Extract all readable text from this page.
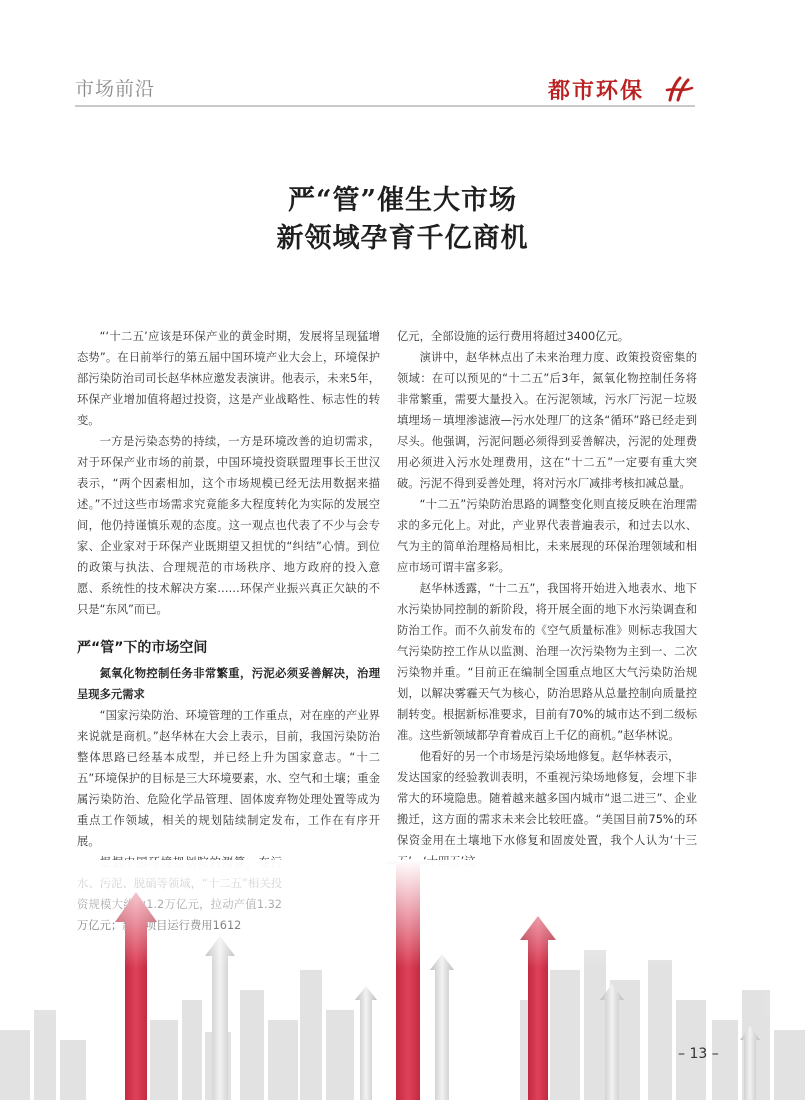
市场前沿	都市环保
严“管”催生大市场
新领域孕育千亿商机

“‘十二五’应该是环保产业的黄金时期，发展将呈现猛增态势”。在日前举行的第五届中国环境产业大会上，环境保护部污染防治司司长赵华林应邀发表演讲。他表示，未来5年，环保产业增加值将超过投资，这是产业战略性、标志性的转变。

一方是污染态势的持续，一方是环境改善的迫切需求，对于环保产业市场的前景，中国环境投资联盟理事长王世汉表示，“两个因素相加，这个市场规模已经无法用数据来描述。”不过这些市场需求究竟能多大程度转化为实际的发展空间，他仍持谨慎乐观的态度。这一观点也代表了不少与会专家、企业家对于环保产业既期望又担忧的“纠结”心情。到位的政策与执法、合理规范的市场秩序、地方政府的投入意愿、系统性的技术解决方案……环保产业振兴真正欠缺的不只是“东风”而已。

严“管”下的市场空间

氮氧化物控制任务非常繁重，污泥必须妥善解决，治理呈现多元需求

“国家污染防治、环境管理的工作重点，对在座的产业界来说就是商机。”赵华林在大会上表示，目前，我国污染防治整体思路已经基本成型，并已经上升为国家意志。“十二五”环境保护的目标是三大环境要素，水、空气和土壤；重金属污染防治、危险化学品管理、固体废弃物处理处置等成为重点工作领域，相关的规划陆续制定发布，工作在有序开展。

亿元，全部设施的运行费用将超过3400亿元。

演讲中，赵华林点出了未来治理力度、政策投资密集的领域：在可以预见的“十二五”后3年，氮氧化物控制任务将非常繁重，需要大量投入。在污泥领域，污水厂污泥－垃圾填埋场－填埋渗滤液—污水处理厂的这条“循环”路已经走到尽头。他强调，污泥问题必须得到妥善解决，污泥的处理费用必须进入污水处理费用，这在“十二五”一定要有重大突破。污泥不得到妥善处理，将对污水厂减排考核扣减总量。

“十二五”污染防治思路的调整变化则直接反映在治理需求的多元化上。对此，产业界代表普遍表示，和过去以水、气为主的简单治理格局相比，未来展现的环保治理领域和相应市场可谓丰富多彩。

赵华林透露，“十二五”，我国将开始进入地表水、地下水污染协同控制的新阶段，将开展全面的地下水污染调查和防治工作。而不久前发布的《空气质量标准》则标志我国大气污染防控工作从以监测、治理一次污染物为主到一、二次污染物并重。“目前正在编制全国重点地区大气污染防治规划，以解决雾霾天气为核心，防治思路从总量控制向质量控制转变。根据新标准要求，目前有70%的城市达不到二级标准。这些新领域都孕育着成百上千亿的商机。”赵华林说。

他看好的另一个市场是污染场地修复。赵华林表示，

发达国家的经验教训表明，不重视污染场地修复，会埋下非常大的环境隐患。随着越来越多国内城市“退二进三”、企业搬迁，这方面的需求未来会比较旺盛。“美国目前75%的环保资金用在土壤地下水修复和固废处置，我个人认为‘十三

– 13 –
